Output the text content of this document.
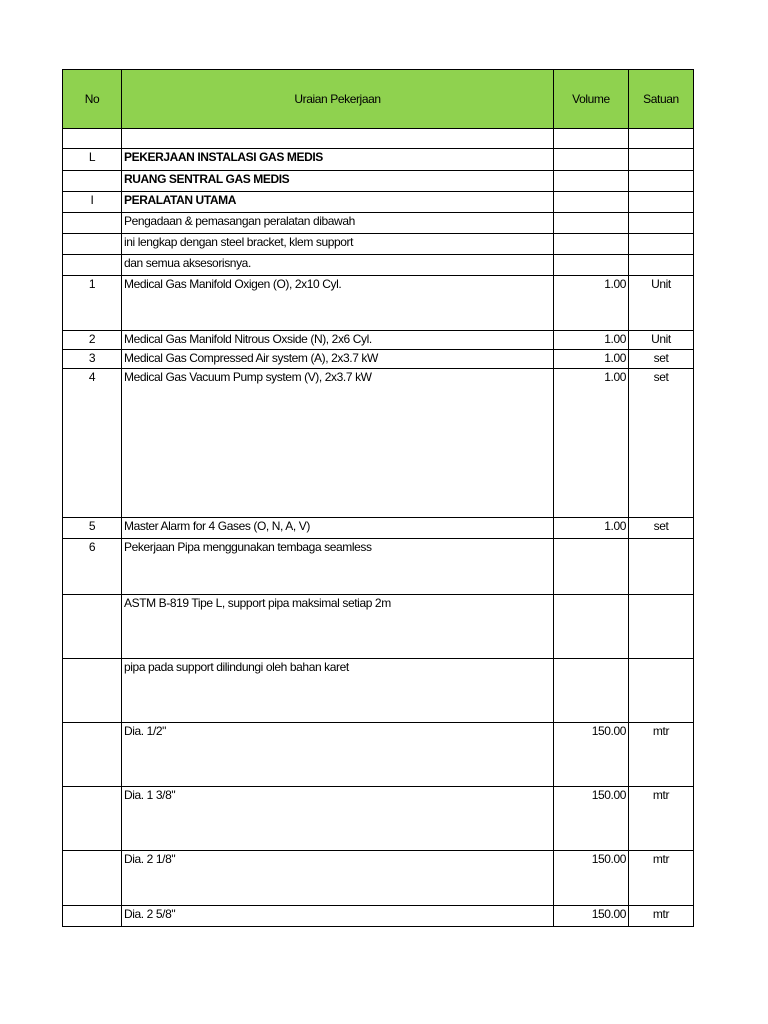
No	Uraian Pekerjaan	Volume	Satuan

L	PEKERJAAN INSTALASI GAS MEDIS		
	RUANG SENTRAL GAS MEDIS		
I	PERALATAN UTAMA		
	Pengadaan & pemasangan peralatan dibawah		
	ini lengkap dengan steel bracket, klem support		
	dan semua aksesorisnya.		
1	Medical Gas Manifold Oxigen (O), 2x10 Cyl.	1.00	Unit
2	Medical Gas Manifold Nitrous Oxside (N), 2x6 Cyl.	1.00	Unit
3	Medical Gas Compressed Air system (A), 2x3.7 kW	1.00	set
4	Medical Gas Vacuum Pump system (V), 2x3.7 kW	1.00	set
5	Master Alarm for 4 Gases (O, N, A, V)	1.00	set
6	Pekerjaan Pipa menggunakan tembaga seamless		
	ASTM B-819 Tipe L, support pipa maksimal setiap 2m		
	pipa pada support dilindungi oleh bahan karet		
	Dia. 1/2"	150.00	mtr
	Dia. 1 3/8"	150.00	mtr
	Dia. 2 1/8"	150.00	mtr
	Dia. 2 5/8"	150.00	mtr
